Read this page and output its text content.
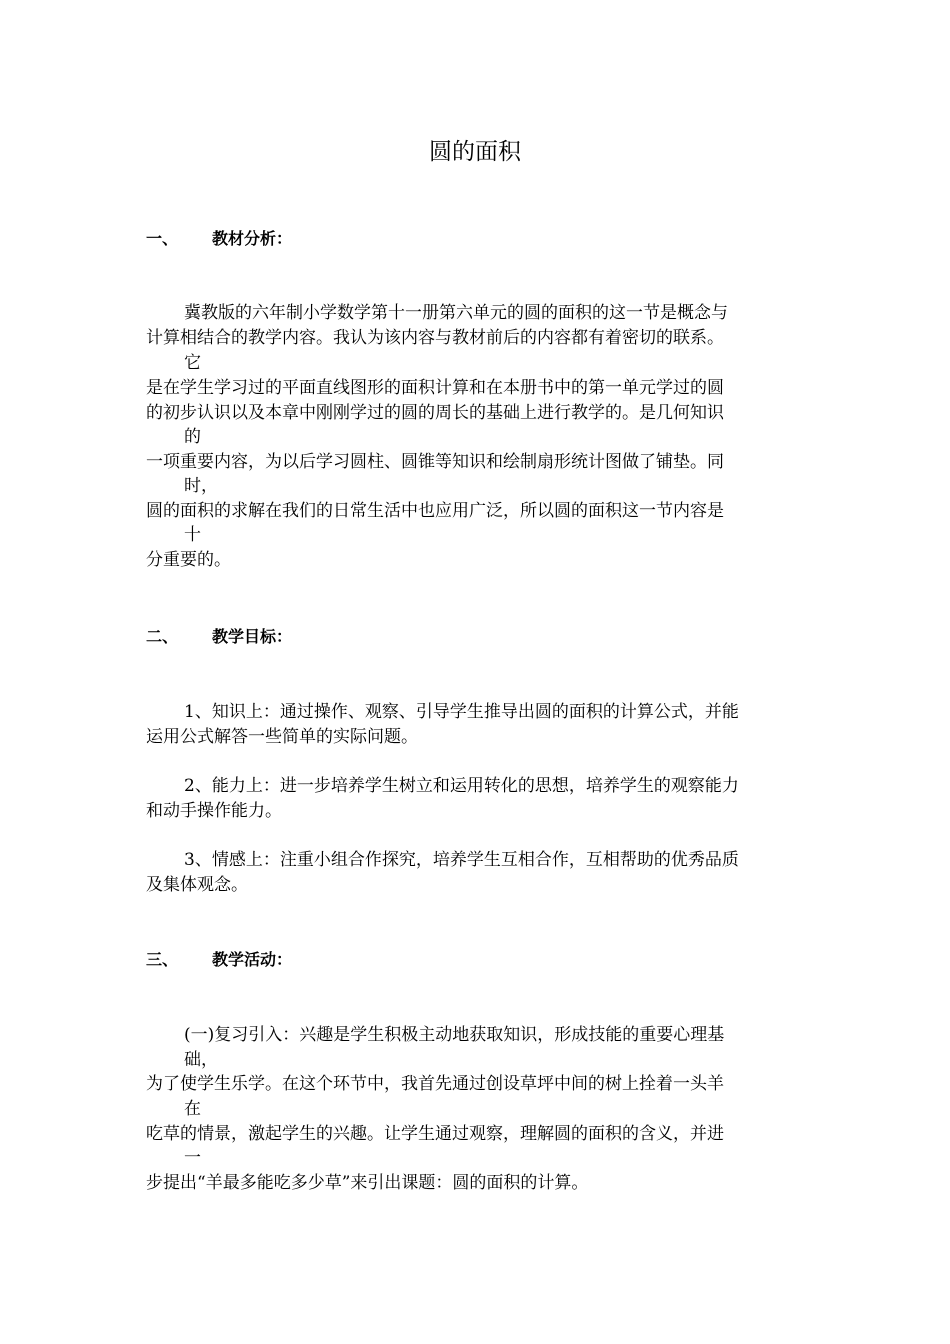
圆的面积
一、 教材分析：
冀教版的六年制小学数学第十一册第六单元的圆的面积的这一节是概念与
计算相结合的教学内容。我认为该内容与教材前后的内容都有着密切的联系。
它
是在学生学习过的平面直线图形的面积计算和在本册书中的第一单元学过的圆
的初步认识以及本章中刚刚学过的圆的周长的基础上进行教学的。是几何知识
的
一项重要内容，为以后学习圆柱、圆锥等知识和绘制扇形统计图做了铺垫。同
时，
圆的面积的求解在我们的日常生活中也应用广泛，所以圆的面积这一节内容是
十
分重要的。
二、 教学目标：
1、知识上：通过操作、观察、引导学生推导出圆的面积的计算公式，并能
运用公式解答一些简单的实际问题。
2、能力上：进一步培养学生树立和运用转化的思想，培养学生的观察能力
和动手操作能力。
3、情感上：注重小组合作探究，培养学生互相合作，互相帮助的优秀品质
及集体观念。
三、 教学活动：
(一)复习引入：兴趣是学生积极主动地获取知识，形成技能的重要心理基
础，
为了使学生乐学。在这个环节中，我首先通过创设草坪中间的树上拴着一头羊
在
吃草的情景，激起学生的兴趣。让学生通过观察，理解圆的面积的含义，并进
一
步提出“羊最多能吃多少草”来引出课题：圆的面积的计算。
